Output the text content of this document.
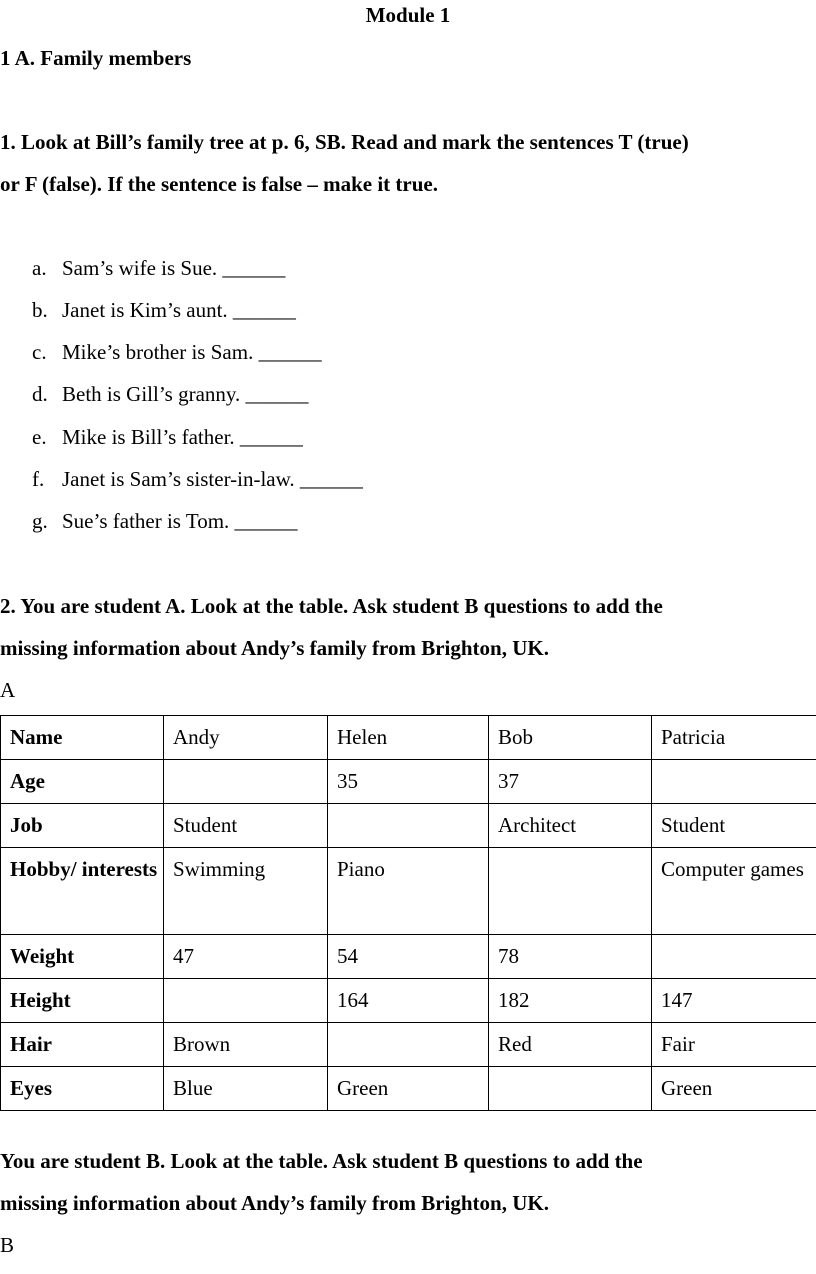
Module 1
1 A. Family members
1. Look at Bill’s family tree at p. 6, SB. Read and mark the sentences T (true)
or F (false). If the sentence is false – make it true.
a. Sam’s wife is Sue. ______
b. Janet is Kim’s aunt. ______
c. Mike’s brother is Sam. ______
d. Beth is Gill’s granny. ______
e. Mike is Bill’s father. ______
f. Janet is Sam’s sister-in-law. ______
g. Sue’s father is Tom. ______
2. You are student A. Look at the table. Ask student B questions to add the
missing information about Andy’s family from Brighton, UK.
A
Name	Andy	Helen	Bob	Patricia
Age		35	37	
Job	Student		Architect	Student
Hobby/ interests	Swimming	Piano		Computer games
Weight	47	54	78	
Height		164	182	147
Hair	Brown		Red	Fair
Eyes	Blue	Green		Green
You are student B. Look at the table. Ask student B questions to add the
missing information about Andy’s family from Brighton, UK.
B
